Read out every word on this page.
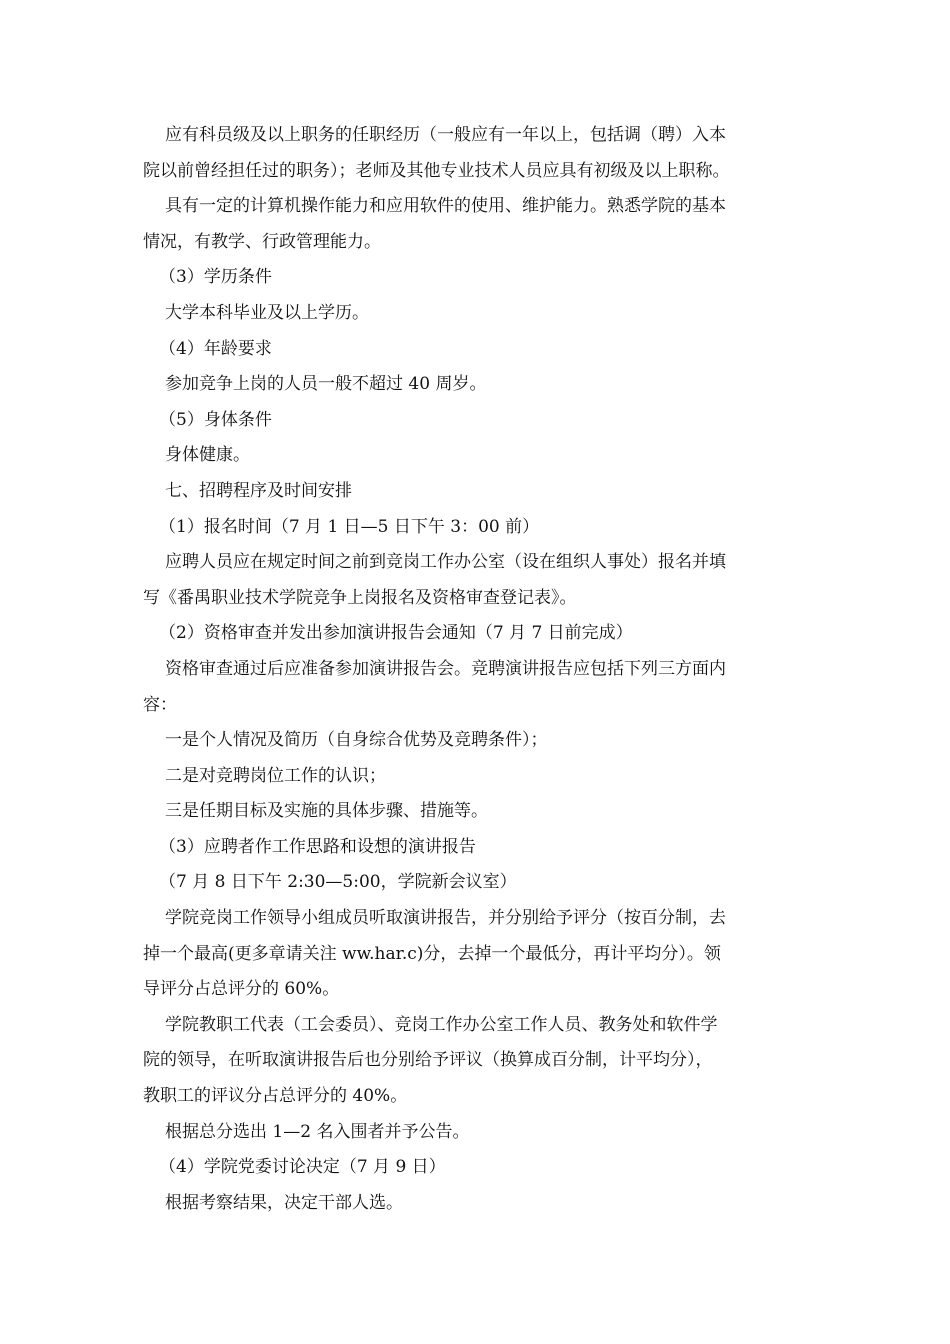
应有科员级及以上职务的任职经历（一般应有一年以上，包括调（聘）入本
院以前曾经担任过的职务）；老师及其他专业技术人员应具有初级及以上职称。
具有一定的计算机操作能力和应用软件的使用、维护能力。熟悉学院的基本
情况，有教学、行政管理能力。
（3）学历条件
大学本科毕业及以上学历。
（4）年龄要求
参加竞争上岗的人员一般不超过 40 周岁。
（5）身体条件
身体健康。
七、招聘程序及时间安排
（1）报名时间（7 月 1 日—5 日下午 3：00 前）
应聘人员应在规定时间之前到竞岗工作办公室（设在组织人事处）报名并填
写《番禺职业技术学院竞争上岗报名及资格审查登记表》。
（2）资格审查并发出参加演讲报告会通知（7 月 7 日前完成）
资格审查通过后应准备参加演讲报告会。竞聘演讲报告应包括下列三方面内
容：
一是个人情况及简历（自身综合优势及竞聘条件）；
二是对竞聘岗位工作的认识；
三是任期目标及实施的具体步骤、措施等。
（3）应聘者作工作思路和设想的演讲报告
（7 月 8 日下午 2:30—5:00，学院新会议室）
学院竞岗工作领导小组成员听取演讲报告，并分别给予评分（按百分制，去
掉一个最高(更多章请关注 ww.har.c)分，去掉一个最低分，再计平均分）。领
导评分占总评分的 60%。
学院教职工代表（工会委员）、竞岗工作办公室工作人员、教务处和软件学
院的领导，在听取演讲报告后也分别给予评议（换算成百分制，计平均分），
教职工的评议分占总评分的 40%。
根据总分选出 1—2 名入围者并予公告。
（4）学院党委讨论决定（7 月 9 日）
根据考察结果，决定干部人选。
